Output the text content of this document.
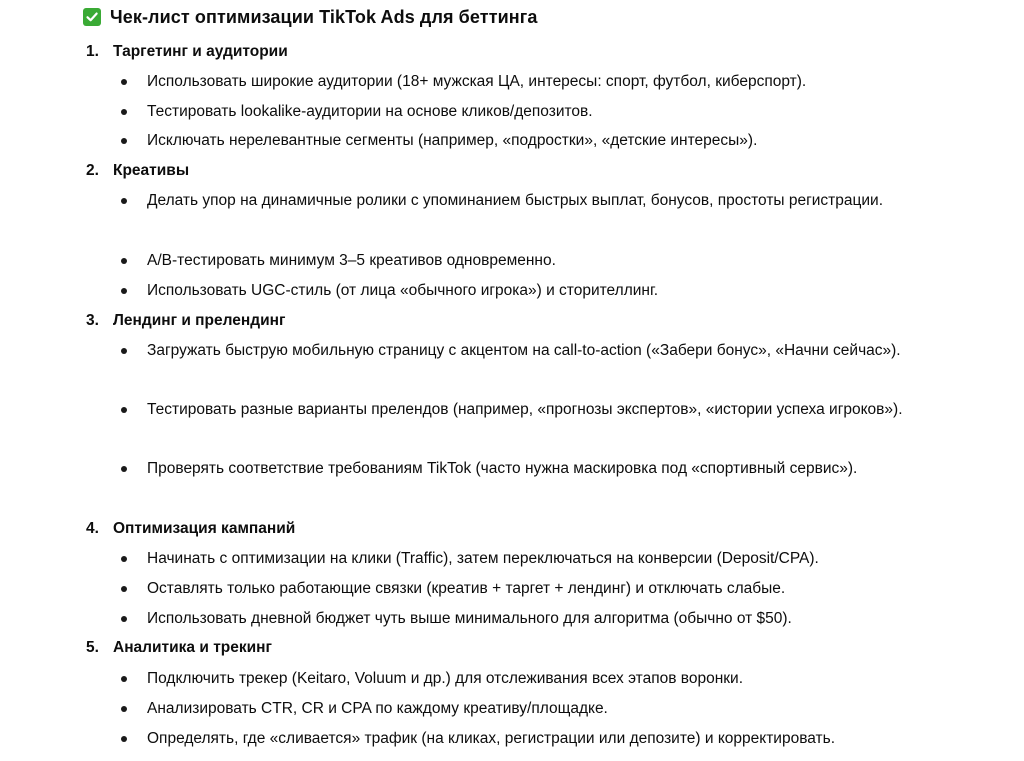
Чек-лист оптимизации TikTok Ads для беттинга
1. Таргетинг и аудитории
Использовать широкие аудитории (18+ мужская ЦА, интересы: спорт, футбол, киберспорт).
Тестировать lookalike-аудитории на основе кликов/депозитов.
Исключать нерелевантные сегменты (например, «подростки», «детские интересы»).
2. Креативы
Делать упор на динамичные ролики с упоминанием быстрых выплат, бонусов, простоты регистрации.
A/B-тестировать минимум 3–5 креативов одновременно.
Использовать UGC-стиль (от лица «обычного игрока») и сторителлинг.
3. Лендинг и прелендинг
Загружать быструю мобильную страницу с акцентом на call-to-action («Забери бонус», «Начни сейчас»).
Тестировать разные варианты прелендов (например, «прогнозы экспертов», «истории успеха игроков»).
Проверять соответствие требованиям TikTok (часто нужна маскировка под «спортивный сервис»).
4. Оптимизация кампаний
Начинать с оптимизации на клики (Traffic), затем переключаться на конверсии (Deposit/CPA).
Оставлять только работающие связки (креатив + таргет + лендинг) и отключать слабые.
Использовать дневной бюджет чуть выше минимального для алгоритма (обычно от $50).
5. Аналитика и трекинг
Подключить трекер (Keitaro, Voluum и др.) для отслеживания всех этапов воронки.
Анализировать CTR, CR и CPA по каждому креативу/площадке.
Определять, где «сливается» трафик (на кликах, регистрации или депозите) и корректировать.
